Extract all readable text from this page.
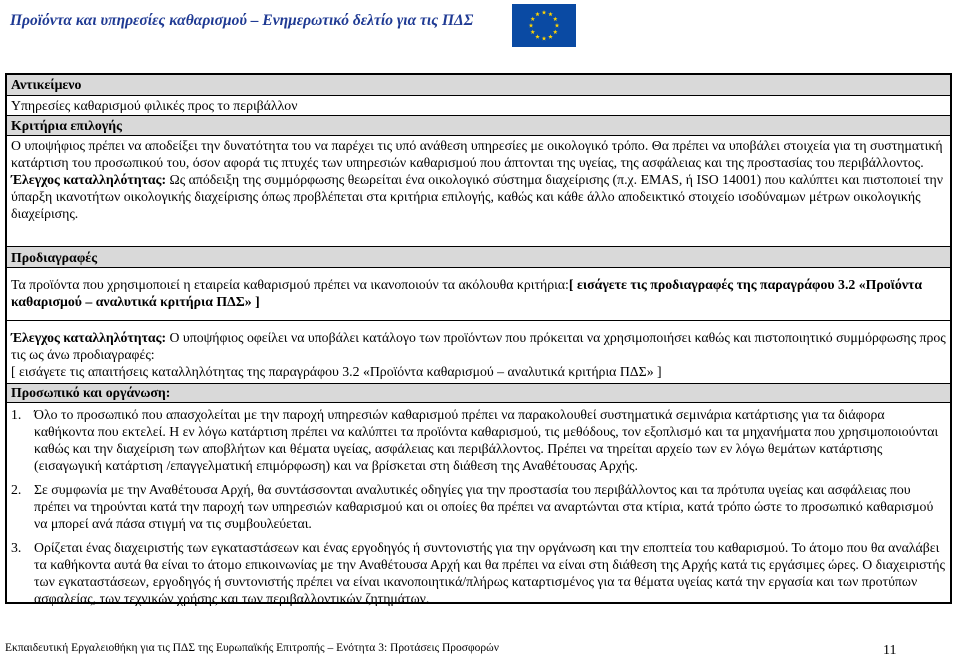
Προϊόντα και υπηρεσίες καθαρισμού – Ενημερωτικό δελτίο για τις ΠΔΣ
Αντικείμενο
Υπηρεσίες καθαρισμού φιλικές προς το περιβάλλον
Κριτήρια επιλογής
Ο υποψήφιος πρέπει να αποδείξει την δυνατότητα του να παρέχει τις υπό ανάθεση υπηρεσίες με οικολογικό τρόπο. Θα πρέπει να υποβάλει στοιχεία για τη συστηματική κατάρτιση του προσωπικού του, όσον αφορά τις πτυχές των υπηρεσιών καθαρισμού που άπτονται της υγείας, της ασφάλειας και της προστασίας του περιβάλλοντος.
Έλεγχος καταλληλότητας: Ως απόδειξη της συμμόρφωσης θεωρείται ένα οικολογικό σύστημα διαχείρισης (π.χ. EMAS, ή ISO 14001) που καλύπτει και πιστοποιεί την ύπαρξη ικανοτήτων οικολογικής διαχείρισης όπως προβλέπεται στα κριτήρια επιλογής, καθώς και κάθε άλλο αποδεικτικό στοιχείο ισοδύναμων μέτρων οικολογικής διαχείρισης.
Προδιαγραφές
Τα προϊόντα που χρησιμοποιεί η εταιρεία καθαρισμού πρέπει να ικανοποιούν τα ακόλουθα κριτήρια:[ εισάγετε τις προδιαγραφές της παραγράφου 3.2 «Προϊόντα καθαρισμού – αναλυτικά κριτήρια ΠΔΣ» ]
Έλεγχος καταλληλότητας: Ο υποψήφιος οφείλει να υποβάλει κατάλογο των προϊόντων που πρόκειται να χρησιμοποιήσει καθώς και πιστοποιητικό συμμόρφωσης προς τις ως άνω προδιαγραφές:
[ εισάγετε τις απαιτήσεις καταλληλότητας της παραγράφου 3.2 «Προϊόντα καθαρισμού – αναλυτικά κριτήρια ΠΔΣ» ]
Προσωπικό και οργάνωση:
1. Όλο το προσωπικό που απασχολείται με την παροχή υπηρεσιών καθαρισμού πρέπει να παρακολουθεί συστηματικά σεμινάρια κατάρτισης για τα διάφορα καθήκοντα που εκτελεί. Η εν λόγω κατάρτιση πρέπει να καλύπτει τα προϊόντα καθαρισμού, τις μεθόδους, τον εξοπλισμό και τα μηχανήματα που χρησιμοποιούνται καθώς και την διαχείριση των αποβλήτων και θέματα υγείας, ασφάλειας και περιβάλλοντος. Πρέπει να τηρείται αρχείο των εν λόγω θεμάτων κατάρτισης (εισαγωγική κατάρτιση /επαγγελματική επιμόρφωση) και να βρίσκεται στη διάθεση της Αναθέτουσας Αρχής.
2. Σε συμφωνία με την Αναθέτουσα Αρχή, θα συντάσσονται αναλυτικές οδηγίες για την προστασία του περιβάλλοντος και τα πρότυπα υγείας και ασφάλειας που πρέπει να τηρούνται κατά την παροχή των υπηρεσιών καθαρισμού και οι οποίες θα πρέπει να αναρτώνται στα κτίρια, κατά τρόπο ώστε το προσωπικό καθαρισμού να μπορεί ανά πάσα στιγμή να τις συμβουλεύεται.
3. Ορίζεται ένας διαχειριστής των εγκαταστάσεων και ένας εργοδηγός ή συντονιστής για την οργάνωση και την εποπτεία του καθαρισμού. Το άτομο που θα αναλάβει τα καθήκοντα αυτά θα είναι το άτομο επικοινωνίας με την Αναθέτουσα Αρχή και θα πρέπει να είναι στη διάθεση της Αρχής κατά τις εργάσιμες ώρες. Ο διαχειριστής των εγκαταστάσεων, εργοδηγός ή συντονιστής πρέπει να είναι ικανοποιητικά/πλήρως καταρτισμένος για τα θέματα υγείας κατά την εργασία και των προτύπων ασφαλείας, των τεχνικών χρήσης και των περιβαλλοντικών ζητημάτων.
Εκπαιδευτική Εργαλειοθήκη για τις ΠΔΣ της Ευρωπαϊκής Επιτροπής – Ενότητα 3: Προτάσεις Προσφορών	11
